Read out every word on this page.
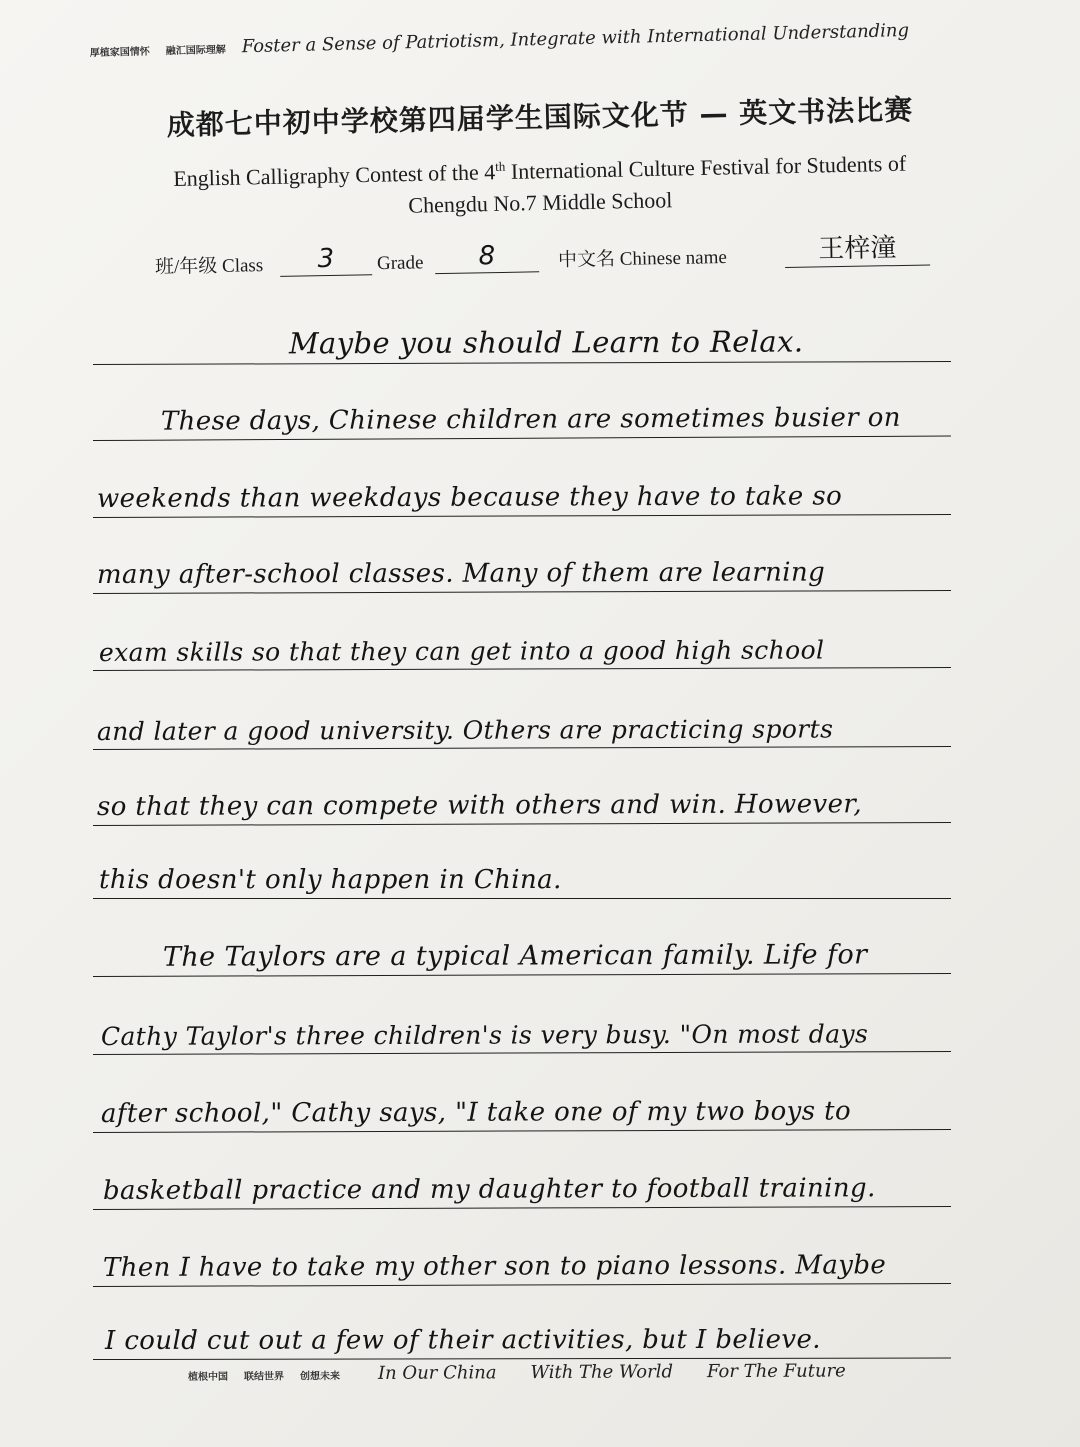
厚植家国情怀 融汇国际理解 Foster a Sense of Patriotism, Integrate with International Understanding
成都七中初中学校第四届学生国际文化节 — 英文书法比赛
English Calligraphy Contest of the 4th International Culture Festival for Students of
Chengdu No.7 Middle School
班/年级 Class	3	Grade	8	中文名 Chinese name	王梓潼
Maybe you should Learn to Relax.
These days, Chinese children are sometimes busier on
weekends than weekdays because they have to take so
many after-school classes. Many of them are learning
exam skills so that they can get into a good high school
and later a good university. Others are practicing sports
so that they can compete with others and win. However,
this doesn't only happen in China.
The Taylors are a typical American family. Life for
Cathy Taylor's three children's is very busy. "On most days
after school," Cathy says, "I take one of my two boys to
basketball practice and my daughter to football training.
Then I have to take my other son to piano lessons. Maybe
I could cut out a few of their activities, but I believe.
植根中国 联结世界 创想未来 In Our China With The World For The Future
